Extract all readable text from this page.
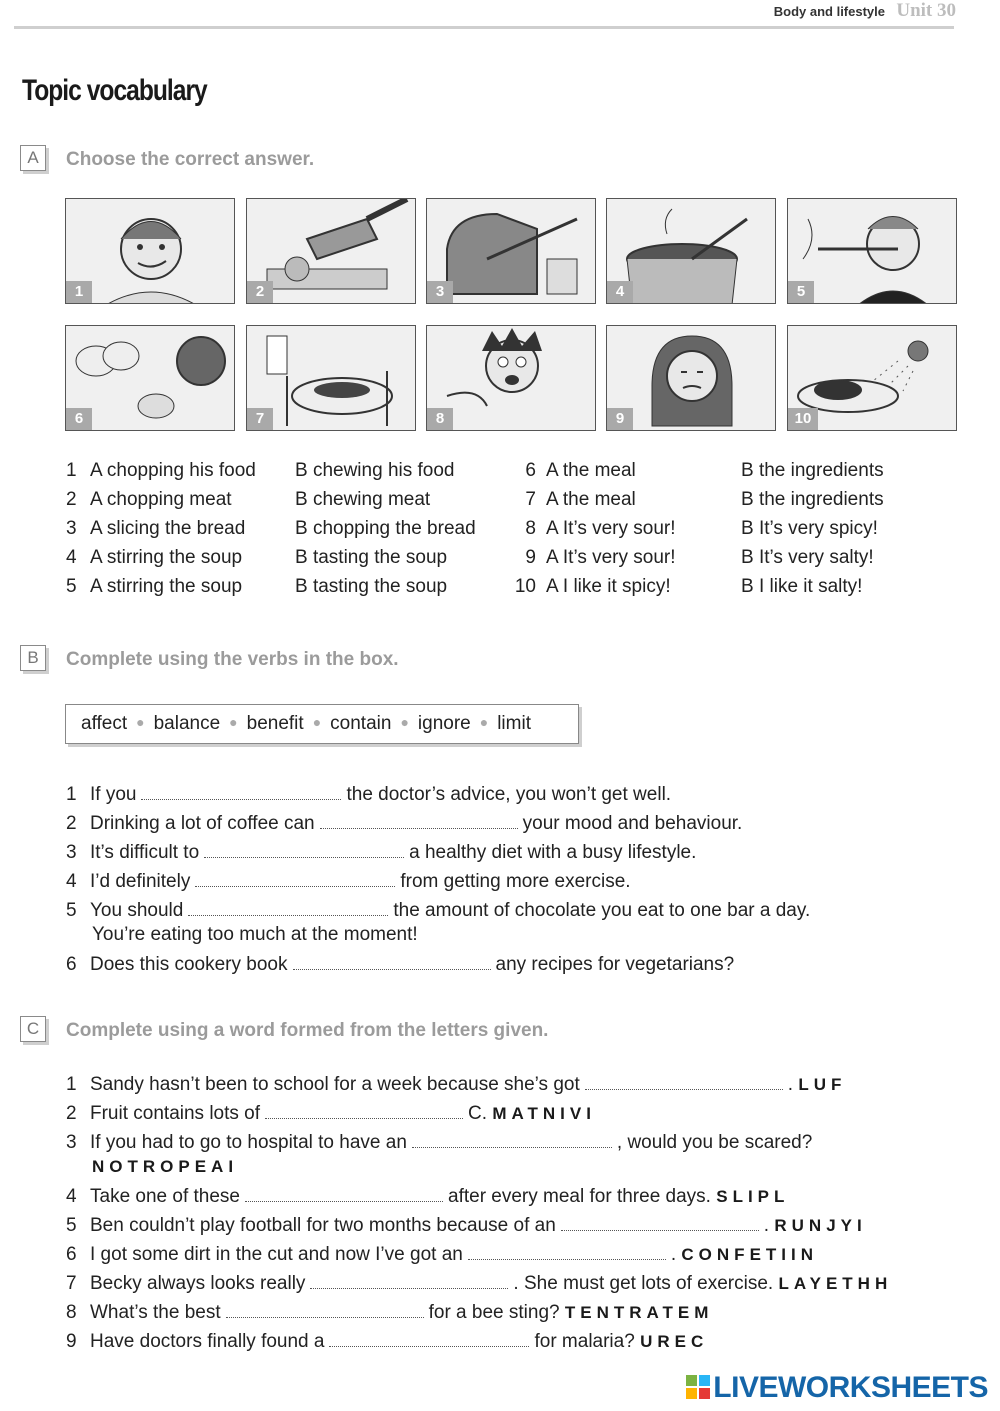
Body and lifestyle Unit 30
Topic vocabulary
A	Choose the correct answer.
1	2	3	4	5
6	7	8	9	10
1 A chopping his food B chewing his food
2 A chopping meat	B chewing meat
3 A slicing the bread	B chopping the bread
4 A stirring the soup	B tasting the soup
5 A stirring the soup	B tasting the soup
6 A the meal	B the ingredients
7 A the meal	B the ingredients
8 A It’s very sour!	B It’s very spicy!
9 A It’s very sour!	B It’s very salty!
10 A I like it spicy!	B I like it salty!
B	Complete using the verbs in the box.
affect ● balance ● benefit ● contain ● ignore ● limit
1 If you	the doctor’s advice, you won’t get well.
2 Drinking a lot of coffee can	your mood and behaviour.
3 It’s difficult to	a healthy diet with a busy lifestyle.
4 I’d definitely	from getting more exercise.
5 You should	the amount of chocolate you eat to one bar a day.
You’re eating too much at the moment!
6 Does this cookery book	any recipes for vegetarians?
C	Complete using a word formed from the letters given.
1 Sandy hasn’t been to school for a week because she’s got	. LUF
2 Fruit contains lots of	C. MATNIVI
3 If you had to go to hospital to have an	, would you be scared?
NOTROPEAI
4 Take one of these	after every meal for three days. SLIPL
5 Ben couldn’t play football for two months because of an	. RUNJYI
6 I got some dirt in the cut and now I’ve got an	. CONFETIIN
7 Becky always looks really	. She must get lots of exercise. LAYETHH
8 What’s the best	for a bee sting? TENTRATEM
9 Have doctors finally found a	for malaria? UREC
LIVEWORKSHEETS
